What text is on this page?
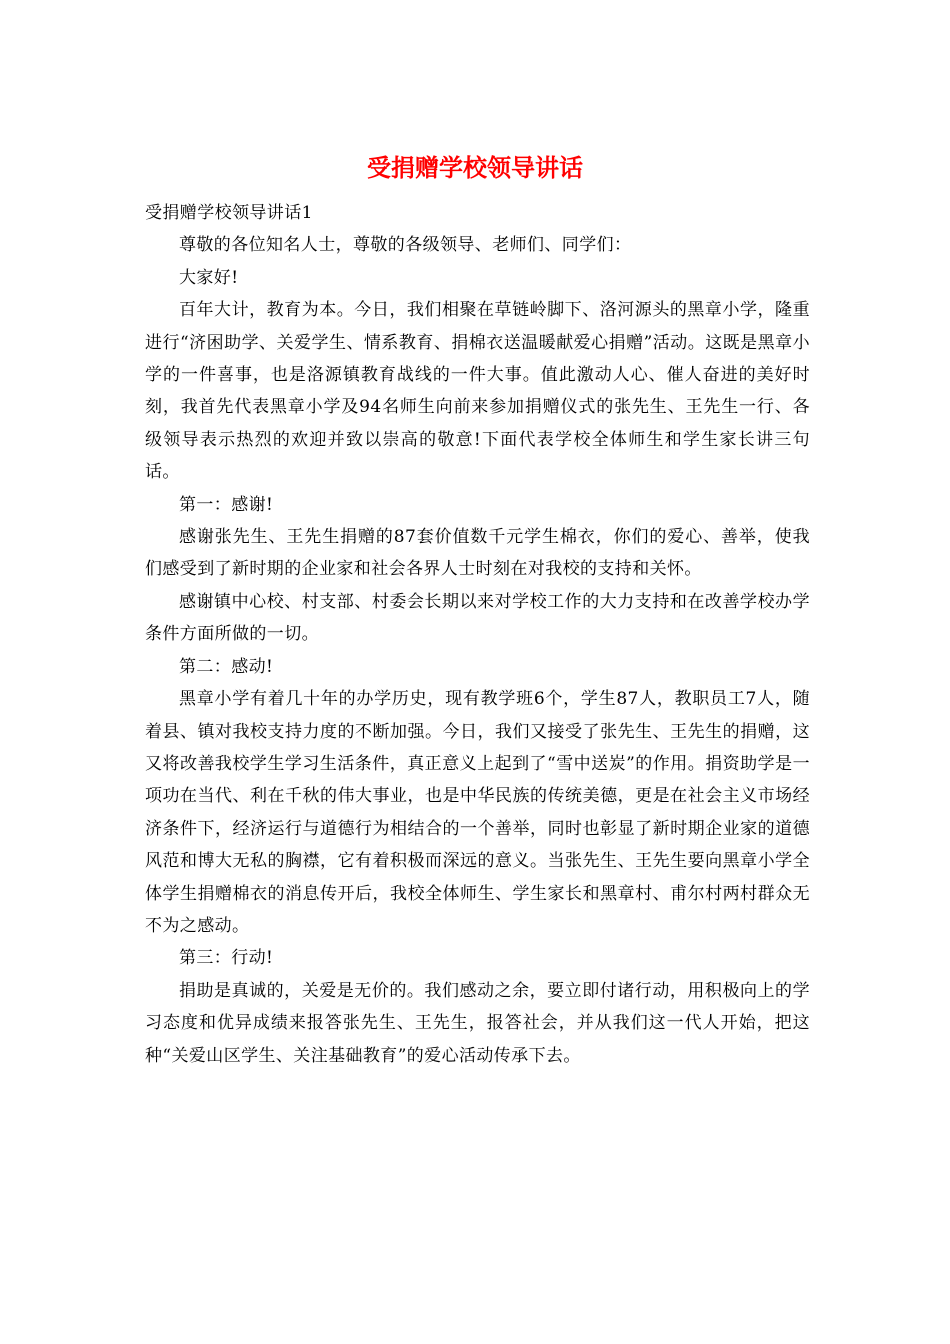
受捐赠学校领导讲话

受捐赠学校领导讲话1

尊敬的各位知名人士，尊敬的各级领导、老师们、同学们：

大家好!

百年大计，教育为本。今日，我们相聚在草链岭脚下、洛河源头的黑章小学，隆重进行“济困助学、关爱学生、情系教育、捐棉衣送温暖献爱心捐赠”活动。这既是黑章小学的一件喜事，也是洛源镇教育战线的一件大事。值此激动人心、催人奋进的美好时刻，我首先代表黑章小学及94名师生向前来参加捐赠仪式的张先生、王先生一行、各级领导表示热烈的欢迎并致以崇高的敬意!下面代表学校全体师生和学生家长讲三句话。

第一：感谢!

感谢张先生、王先生捐赠的87套价值数千元学生棉衣，你们的爱心、善举，使我们感受到了新时期的企业家和社会各界人士时刻在对我校的支持和关怀。

感谢镇中心校、村支部、村委会长期以来对学校工作的大力支持和在改善学校办学条件方面所做的一切。

第二：感动!

黑章小学有着几十年的办学历史，现有教学班6个，学生87人，教职员工7人，随着县、镇对我校支持力度的不断加强。今日，我们又接受了张先生、王先生的捐赠，这又将改善我校学生学习生活条件，真正意义上起到了“雪中送炭”的作用。捐资助学是一项功在当代、利在千秋的伟大事业，也是中华民族的传统美德，更是在社会主义市场经济条件下，经济运行与道德行为相结合的一个善举，同时也彰显了新时期企业家的道德风范和博大无私的胸襟，它有着积极而深远的意义。当张先生、王先生要向黑章小学全体学生捐赠棉衣的消息传开后，我校全体师生、学生家长和黑章村、甫尔村两村群众无不为之感动。

第三：行动!

捐助是真诚的，关爱是无价的。我们感动之余，要立即付诸行动，用积极向上的学习态度和优异成绩来报答张先生、王先生，报答社会，并从我们这一代人开始，把这种“关爱山区学生、关注基础教育”的爱心活动传承下去。
